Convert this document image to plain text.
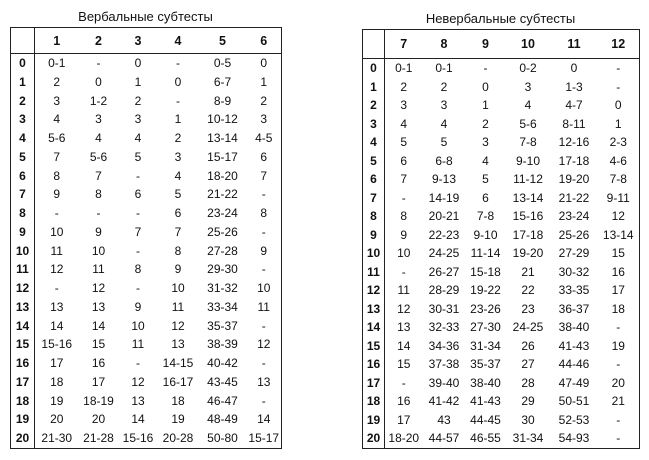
Вербальные субтесты
	1	2	3	4	5	6
0	0-1	-	0	-	0-5	0
1	2	0	1	0	6-7	1
2	3	1-2	2	-	8-9	2
3	4	3	3	1	10-12	3
4	5-6	4	4	2	13-14	4-5
5	7	5-6	5	3	15-17	6
6	8	7	-	4	18-20	7
7	9	8	6	5	21-22	-
8	-	-	-	6	23-24	8
9	10	9	7	7	25-26	-
10	11	10	-	8	27-28	9
11	12	11	8	9	29-30	-
12	-	12	-	10	31-32	10
13	13	13	9	11	33-34	11
14	14	14	10	12	35-37	-
15	15-16	15	11	13	38-39	12
16	17	16	-	14-15	40-42	-
17	18	17	12	16-17	43-45	13
18	19	18-19	13	18	46-47	-
19	20	20	14	19	48-49	14
20	21-30	21-28	15-16	20-28	50-80	15-17
Невербальные субтесты
	7	8	9	10	11	12
0	0-1	0-1	-	0-2	0	-
1	2	2	0	3	1-3	-
2	3	3	1	4	4-7	0
3	4	4	2	5-6	8-11	1
4	5	5	3	7-8	12-16	2-3
5	6	6-8	4	9-10	17-18	4-6
6	7	9-13	5	11-12	19-20	7-8
7	-	14-19	6	13-14	21-22	9-11
8	8	20-21	7-8	15-16	23-24	12
9	9	22-23	9-10	17-18	25-26	13-14
10	10	24-25	11-14	19-20	27-29	15
11	-	26-27	15-18	21	30-32	16
12	11	28-29	19-22	22	33-35	17
13	12	30-31	23-26	23	36-37	18
14	13	32-33	27-30	24-25	38-40	-
15	14	34-36	31-34	26	41-43	19
16	15	37-38	35-37	27	44-46	-
17	-	39-40	38-40	28	47-49	20
18	16	41-42	41-43	29	50-51	21
19	17	43	44-45	30	52-53	-
20	18-20	44-57	46-55	31-34	54-93	-
